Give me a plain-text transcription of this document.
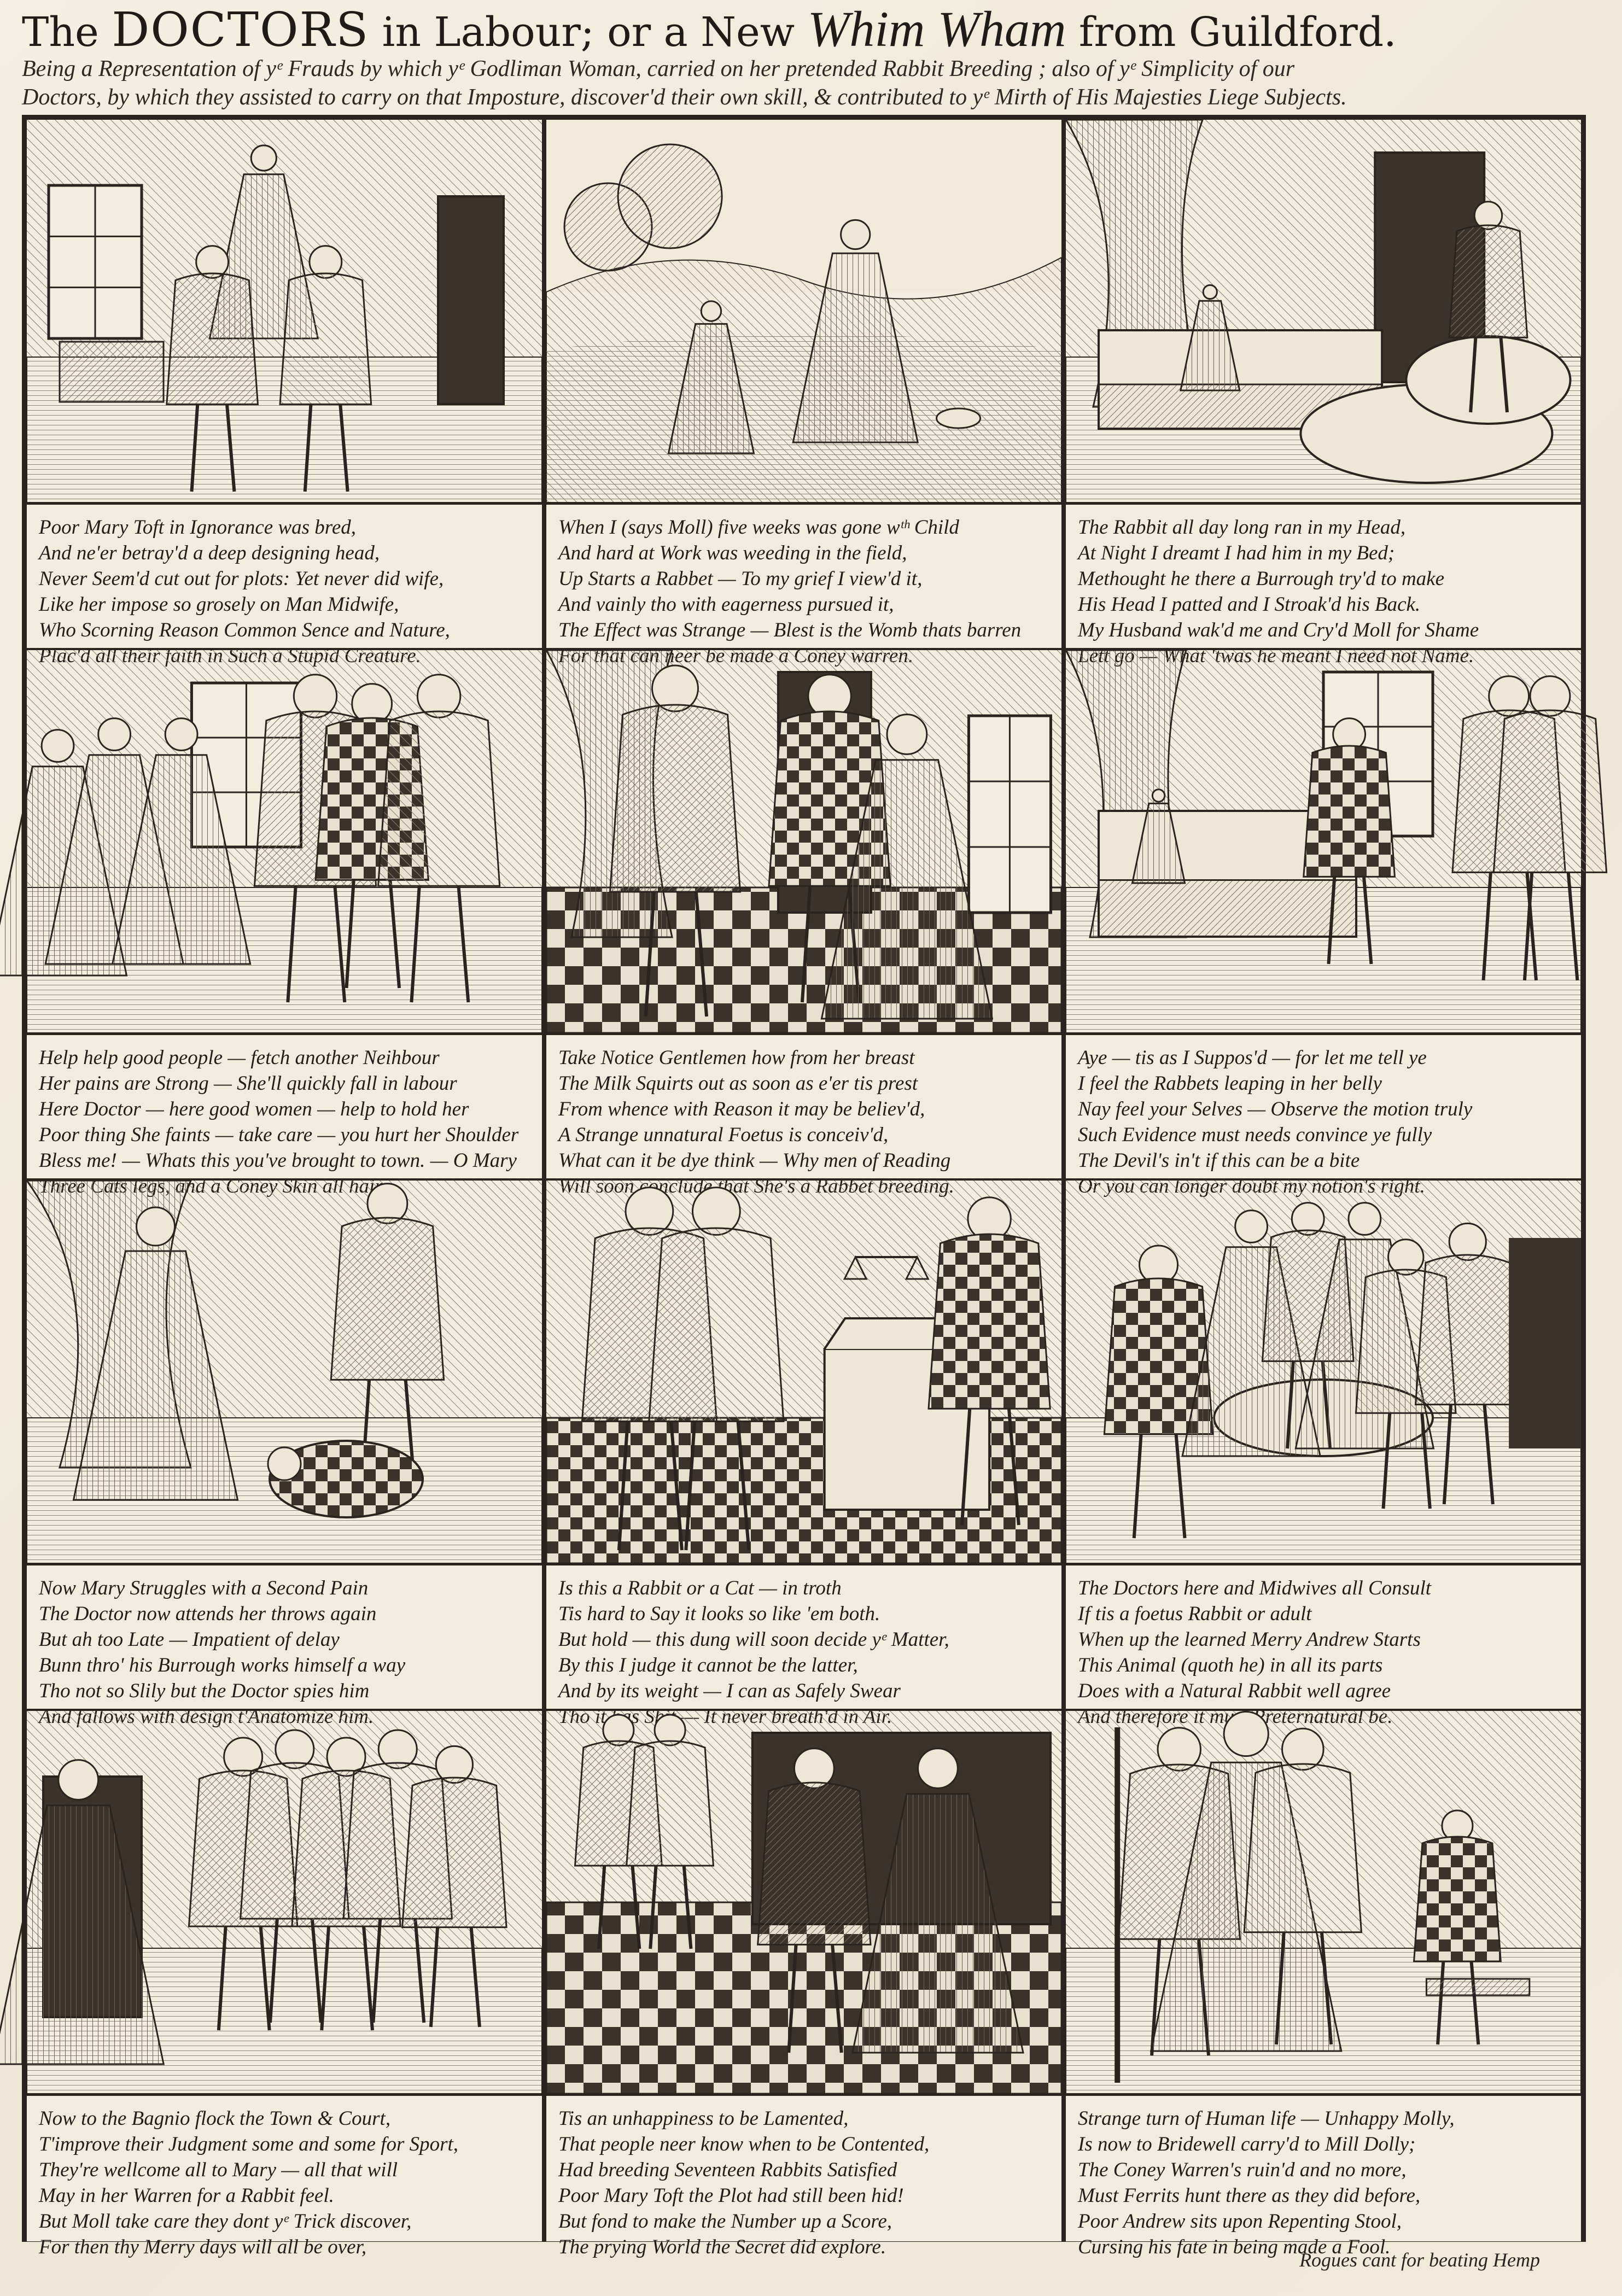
The DOCTORS in Labour; or a New Whim Wham from Guildford.
Being a Representation of yᵉ Frauds by which yᵉ Godliman Woman, carried on her pretended Rabbit Breeding ; also of yᵉ Simplicity of our
Doctors, by which they assisted to carry on that Imposture, discover'd their own skill, & contributed to yᵉ Mirth of His Majesties Liege Subjects.
Poor Mary Toft in Ignorance was bred,
And ne'er betray'd a deep designing head,
Never Seem'd cut out for plots: Yet never did wife,
Like her impose so grosely on Man Midwife,
Who Scorning Reason Common Sence and Nature,
When I (says Moll) five weeks was gone wᵗʰ Child
And hard at Work was weeding in the field,
Up Starts a Rabbet — To my grief I view'd it,
And vainly tho with eagerness pursued it,
The Effect was Strange — Blest is the Womb thats barren
The Rabbit all day long ran in my Head,
At Night I dreamt I had him in my Bed;
Methought he there a Burrough try'd to make
His Head I patted and I Stroak'd his Back.
My Husband wak'd me and Cry'd Moll for Shame
Help help good people — fetch another Neihbour
Her pains are Strong — She'll quickly fall in labour
Here Doctor — here good women — help to hold her
Poor thing She faints — take care — you hurt her Shoulder
Bless me! — Whats this you've brought to town. — O Mary
Take Notice Gentlemen how from her breast
The Milk Squirts out as soon as e'er tis prest
From whence with Reason it may be believ'd,
A Strange unnatural Foetus is conceiv'd,
What can it be dye think — Why men of Reading
Aye — tis as I Suppos'd — for let me tell ye
I feel the Rabbets leaping in her belly
Nay feel your Selves — Observe the motion truly
Such Evidence must needs convince ye fully
The Devil's in't if this can be a bite
Now Mary Struggles with a Second Pain
The Doctor now attends her throws again
But ah too Late — Impatient of delay
Bunn thro' his Burrough works himself a way
Tho not so Slily but the Doctor spies him
Is this a Rabbit or a Cat — in troth
Tis hard to Say it looks so like 'em both.
But hold — this dung will soon decide yᵉ Matter,
By this I judge it cannot be the latter,
And by its weight — I can as Safely Swear
The Doctors here and Midwives all Consult
If tis a foetus Rabbit or adult
When up the learned Merry Andrew Starts
This Animal (quoth he) in all its parts
Does with a Natural Rabbit well agree
Now to the Bagnio flock the Town & Court,
T'improve their Judgment some and some for Sport,
They're wellcome all to Mary — all that will
May in her Warren for a Rabbit feel.
But Moll take care they dont yᵉ Trick discover,
For then thy Merry days will all be over,
Tis an unhappiness to be Lamented,
That people neer know when to be Contented,
Had breeding Seventeen Rabbits Satisfied
Poor Mary Toft the Plot had still been hid!
But fond to make the Number up a Score,
The prying World the Secret did explore.
Strange turn of Human life — Unhappy Molly,
Is now to Bridewell carry'd to Mill Dolly;
The Coney Warren's ruin'd and no more,
Must Ferrits hunt there as they did before,
Poor Andrew sits upon Repenting Stool,
Cursing his fate in being made a Fool.
Rogues cant for beating Hemp
